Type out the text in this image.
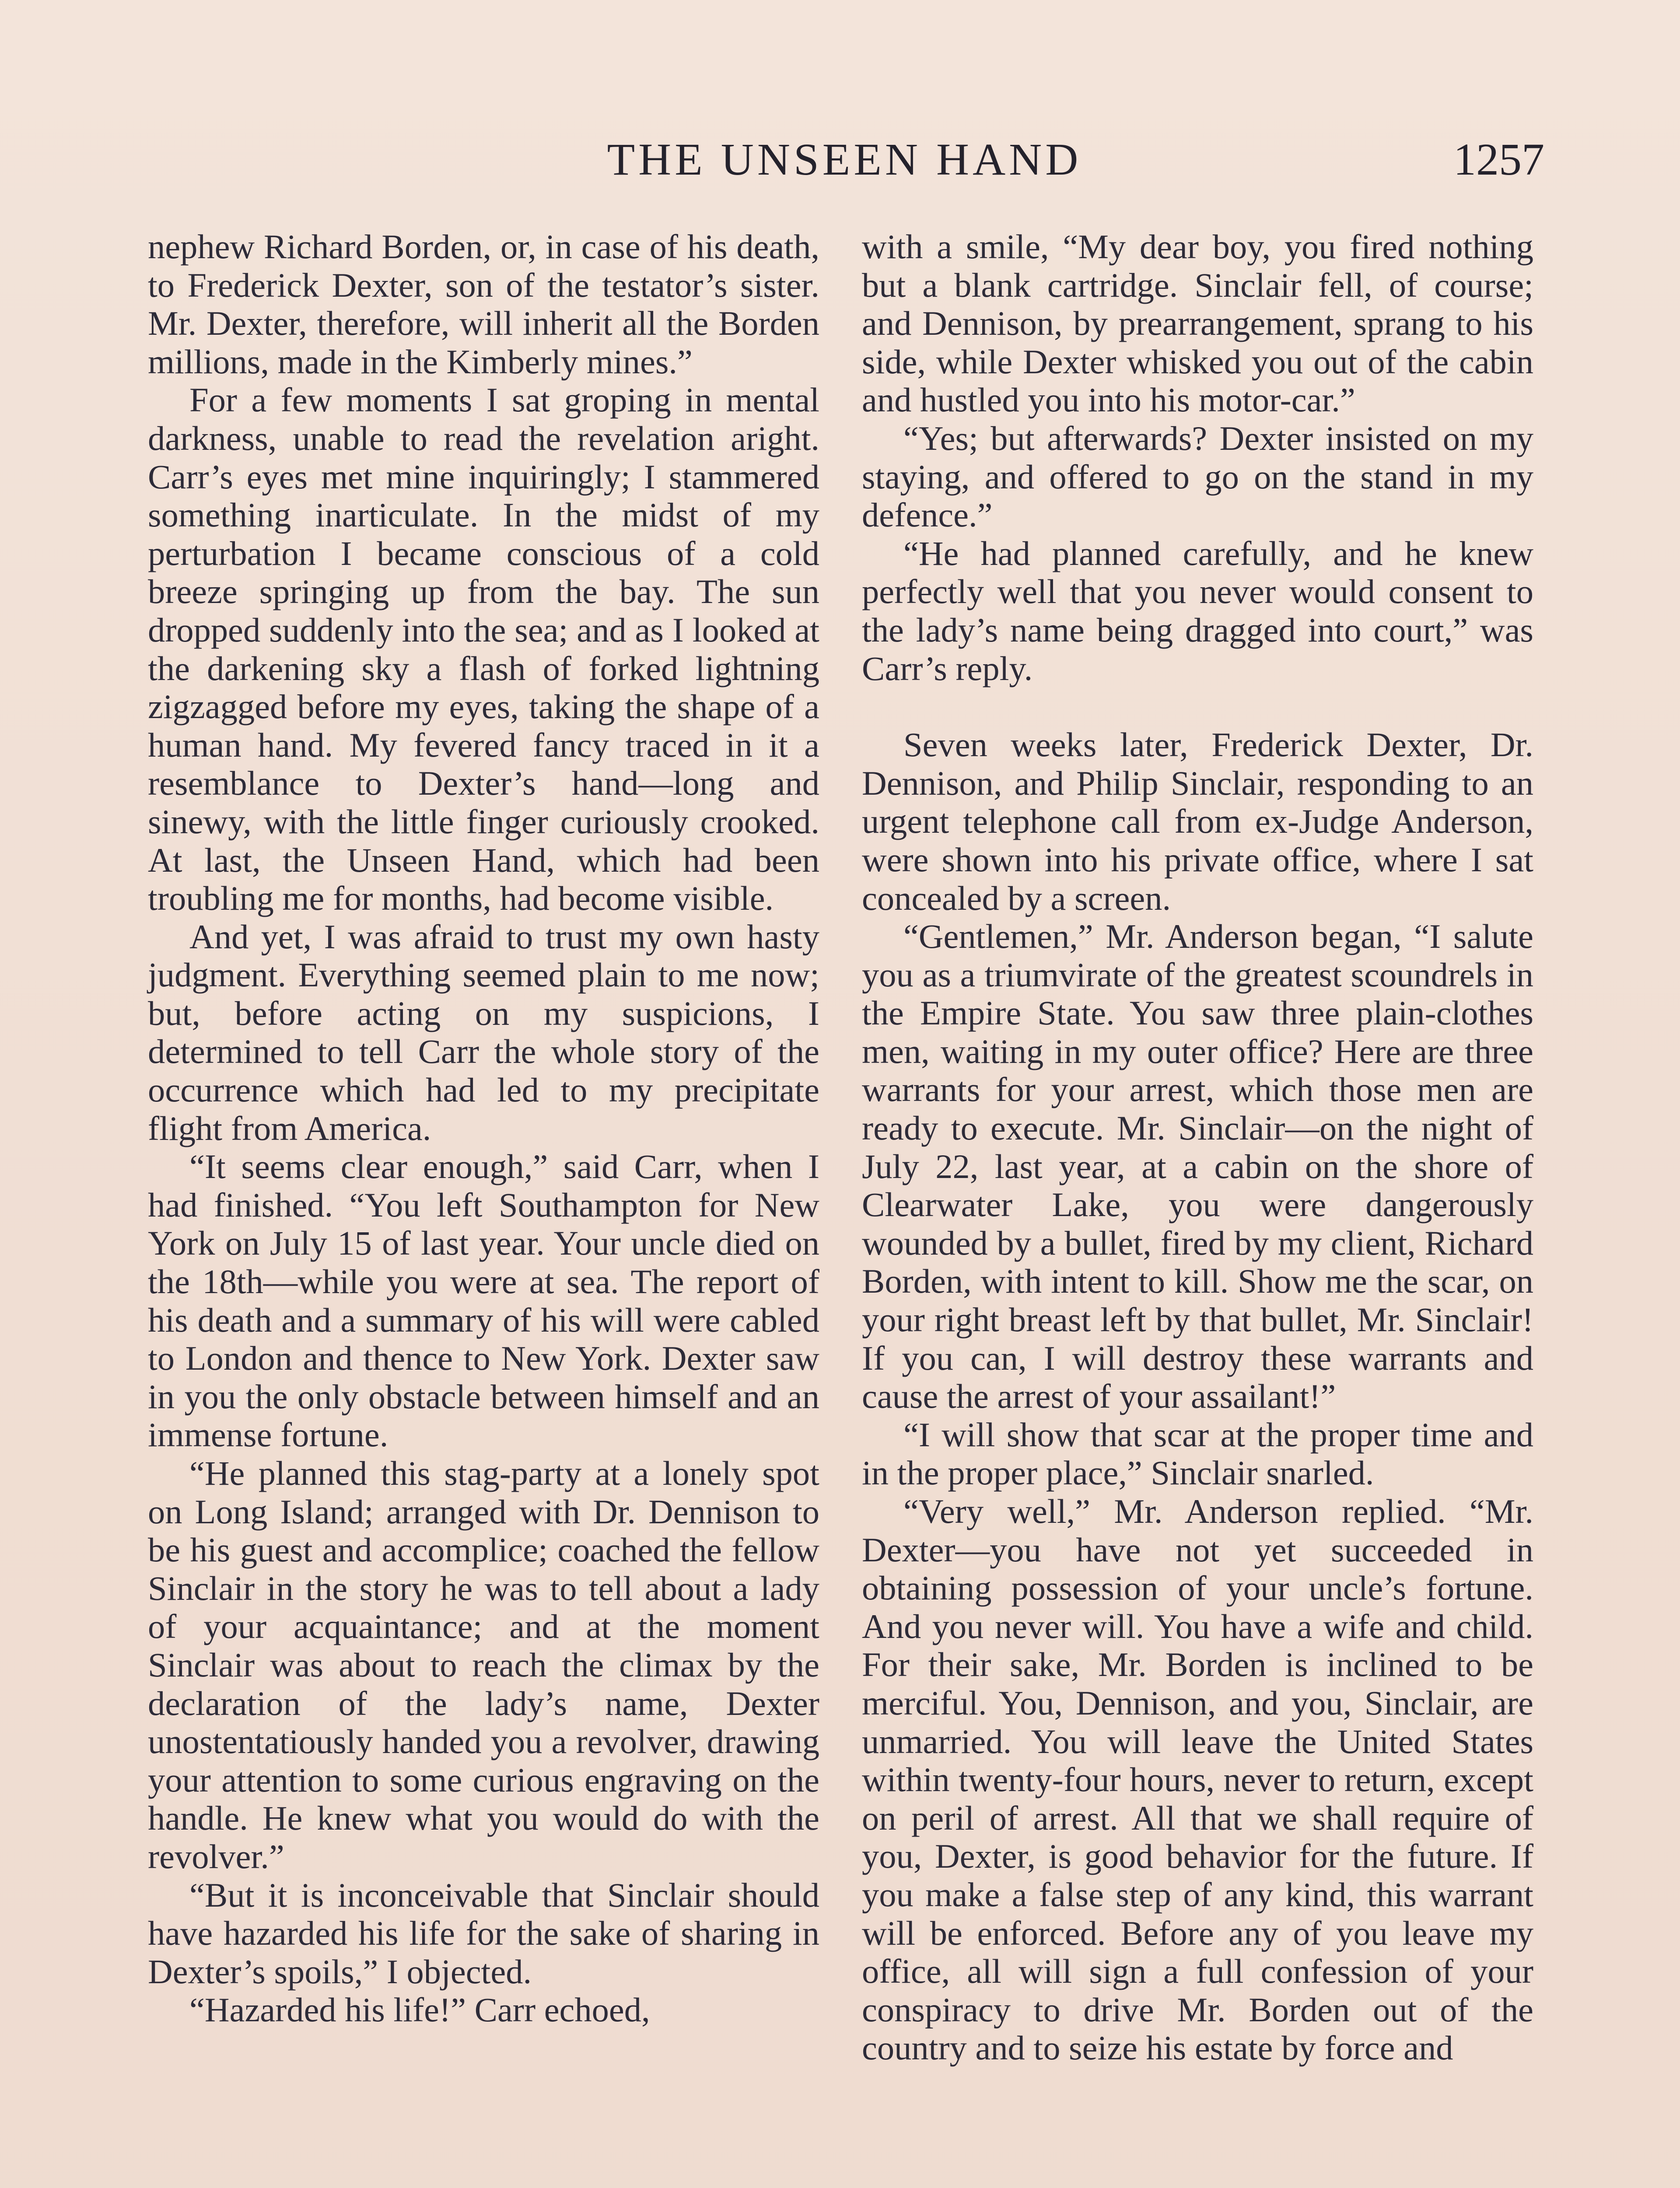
THE UNSEEN HAND	1257

nephew Richard Borden, or, in case of his death, to Frederick Dexter, son of the testator’s sister. Mr. Dexter, therefore, will inherit all the Borden millions, made in the Kimberly mines.”

For a few moments I sat groping in mental darkness, unable to read the revelation aright. Carr’s eyes met mine inquiringly; I stammered something inarticulate. In the midst of my perturbation I became conscious of a cold breeze springing up from the bay. The sun dropped suddenly into the sea; and as I looked at the darkening sky a flash of forked lightning zigzagged before my eyes, taking the shape of a human hand. My fevered fancy traced in it a resemblance to Dexter’s hand—long and sinewy, with the little finger curiously crooked. At last, the Unseen Hand, which had been troubling me for months, had become visible.

And yet, I was afraid to trust my own hasty judgment. Everything seemed plain to me now; but, before acting on my suspicions, I determined to tell Carr the whole story of the occurrence which had led to my precipitate flight from America.

“It seems clear enough,” said Carr, when I had finished. “You left Southampton for New York on July 15 of last year. Your uncle died on the 18th—while you were at sea. The report of his death and a summary of his will were cabled to London and thence to New York. Dexter saw in you the only obstacle between himself and an immense fortune.

“He planned this stag-party at a lonely spot on Long Island; arranged with Dr. Dennison to be his guest and accomplice; coached the fellow Sinclair in the story he was to tell about a lady of your acquaintance; and at the moment Sinclair was about to reach the climax by the declaration of the lady’s name, Dexter unostentatiously handed you a revolver, drawing your attention to some curious engraving on the handle. He knew what you would do with the revolver.”

“But it is inconceivable that Sinclair should have hazarded his life for the sake of sharing in Dexter’s spoils,” I objected.

“Hazarded his life!” Carr echoed,

with a smile, “My dear boy, you fired nothing but a blank cartridge. Sinclair fell, of course; and Dennison, by prearrangement, sprang to his side, while Dexter whisked you out of the cabin and hustled you into his motor-car.”

“Yes; but afterwards? Dexter insisted on my staying, and offered to go on the stand in my defence.”

“He had planned carefully, and he knew perfectly well that you never would consent to the lady’s name being dragged into court,” was Carr’s reply.

Seven weeks later, Frederick Dexter, Dr. Dennison, and Philip Sinclair, responding to an urgent telephone call from ex-Judge Anderson, were shown into his private office, where I sat concealed by a screen.

“Gentlemen,” Mr. Anderson began, “I salute you as a triumvirate of the greatest scoundrels in the Empire State. You saw three plain-clothes men, waiting in my outer office? Here are three warrants for your arrest, which those men are ready to execute. Mr. Sinclair—on the night of July 22, last year, at a cabin on the shore of Clearwater Lake, you were dangerously wounded by a bullet, fired by my client, Richard Borden, with intent to kill. Show me the scar, on your right breast left by that bullet, Mr. Sinclair! If you can, I will destroy these warrants and cause the arrest of your assailant!”

“I will show that scar at the proper time and in the proper place,” Sinclair snarled.

“Very well,” Mr. Anderson replied. “Mr. Dexter—you have not yet succeeded in obtaining possession of your uncle’s fortune. And you never will. You have a wife and child. For their sake, Mr. Borden is inclined to be merciful. You, Dennison, and you, Sinclair, are unmarried. You will leave the United States within twenty-four hours, never to return, except on peril of arrest. All that we shall require of you, Dexter, is good behavior for the future. If you make a false step of any kind, this warrant will be enforced. Before any of you leave my office, all will sign a full confession of your conspiracy to drive Mr. Borden out of the country and to seize his estate by force and
